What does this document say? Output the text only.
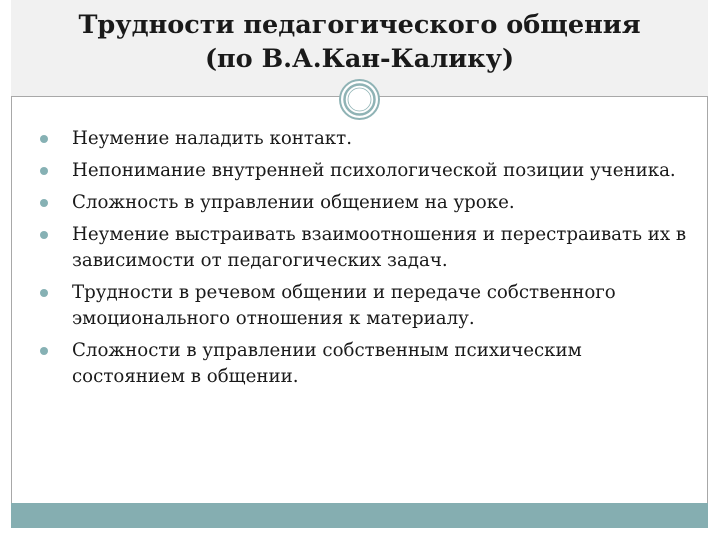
Трудности педагогического общения
(по В.А.Кан-Калику)
Неумение наладить контакт.
Непонимание внутренней психологической позиции ученика.
Сложность в управлении общением на уроке.
Неумение выстраивать взаимоотношения и перестраивать их в зависимости от педагогических задач.
Трудности в речевом общении и передаче собственного эмоционального отношения к материалу.
Сложности в управлении собственным психическим состоянием в общении.
